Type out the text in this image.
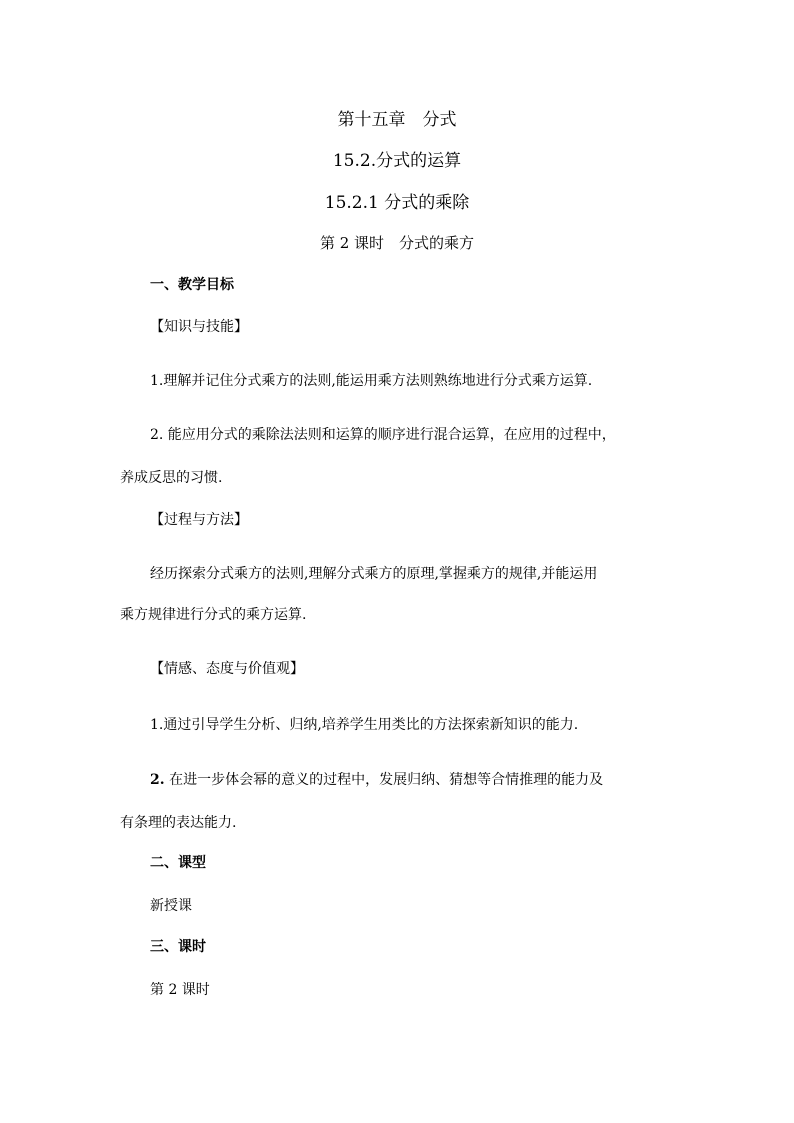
第十五章　分式
15.2.分式的运算
15.2.1 分式的乘除
第 2 课时　分式的乘方
一、教学目标
【知识与技能】
1.理解并记住分式乘方的法则,能运用乘方法则熟练地进行分式乘方运算.
2. 能应用分式的乘除法法则和运算的顺序进行混合运算，在应用的过程中，
养成反思的习惯.
【过程与方法】
经历探索分式乘方的法则,理解分式乘方的原理,掌握乘方的规律,并能运用
乘方规律进行分式的乘方运算.
【情感、态度与价值观】
1.通过引导学生分析、归纳,培养学生用类比的方法探索新知识的能力.
2. 在进一步体会幂的意义的过程中，发展归纳、猜想等合情推理的能力及
有条理的表达能力.
二、课型
新授课
三、课时
第 2 课时
